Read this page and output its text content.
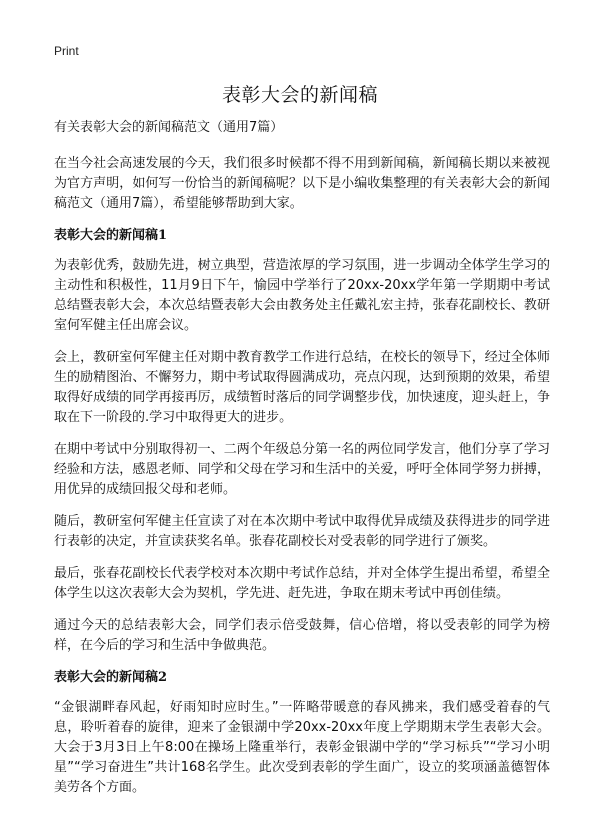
Print
表彰大会的新闻稿

有关表彰大会的新闻稿范文（通用7篇）

在当今社会高速发展的今天，我们很多时候都不得不用到新闻稿，新闻稿长期以来被视为官方声明，如何写一份恰当的新闻稿呢？以下是小编收集整理的有关表彰大会的新闻稿范文（通用7篇），希望能够帮助到大家。

表彰大会的新闻稿1

为表彰优秀，鼓励先进，树立典型，营造浓厚的学习氛围，进一步调动全体学生学习的主动性和积极性，11月9日下午，愉园中学举行了20xx-20xx学年第一学期期中考试总结暨表彰大会，本次总结暨表彰大会由教务处主任戴礼宏主持，张春花副校长、教研室何军健主任出席会议。

会上，教研室何军健主任对期中教育教学工作进行总结，在校长的领导下，经过全体师生的励精图治、不懈努力，期中考试取得圆满成功，亮点闪现，达到预期的效果，希望取得好成绩的同学再接再厉，成绩暂时落后的同学调整步伐，加快速度，迎头赶上，争取在下一阶段的.学习中取得更大的进步。

在期中考试中分别取得初一、二两个年级总分第一名的两位同学发言，他们分享了学习经验和方法，感恩老师、同学和父母在学习和生活中的关爱，呼吁全体同学努力拼搏，用优异的成绩回报父母和老师。

随后，教研室何军健主任宣读了对在本次期中考试中取得优异成绩及获得进步的同学进行表彰的决定，并宣读获奖名单。张春花副校长对受表彰的同学进行了颁奖。

最后，张春花副校长代表学校对本次期中考试作总结，并对全体学生提出希望，希望全体学生以这次表彰大会为契机，学先进、赶先进，争取在期末考试中再创佳绩。

通过今天的总结表彰大会，同学们表示倍受鼓舞，信心倍增，将以受表彰的同学为榜样，在今后的学习和生活中争做典范。

表彰大会的新闻稿2

“金银湖畔春风起，好雨知时应时生。”一阵略带暖意的春风拂来，我们感受着春的气息，聆听着春的旋律，迎来了金银湖中学20xx-20xx年度上学期期末学生表彰大会。大会于3月3日上午8:00在操场上隆重举行，表彰金银湖中学的“学习标兵”“学习小明星”“学习奋进生”共计168名学生。此次受到表彰的学生面广，设立的奖项涵盖德智体美劳各个方面。
